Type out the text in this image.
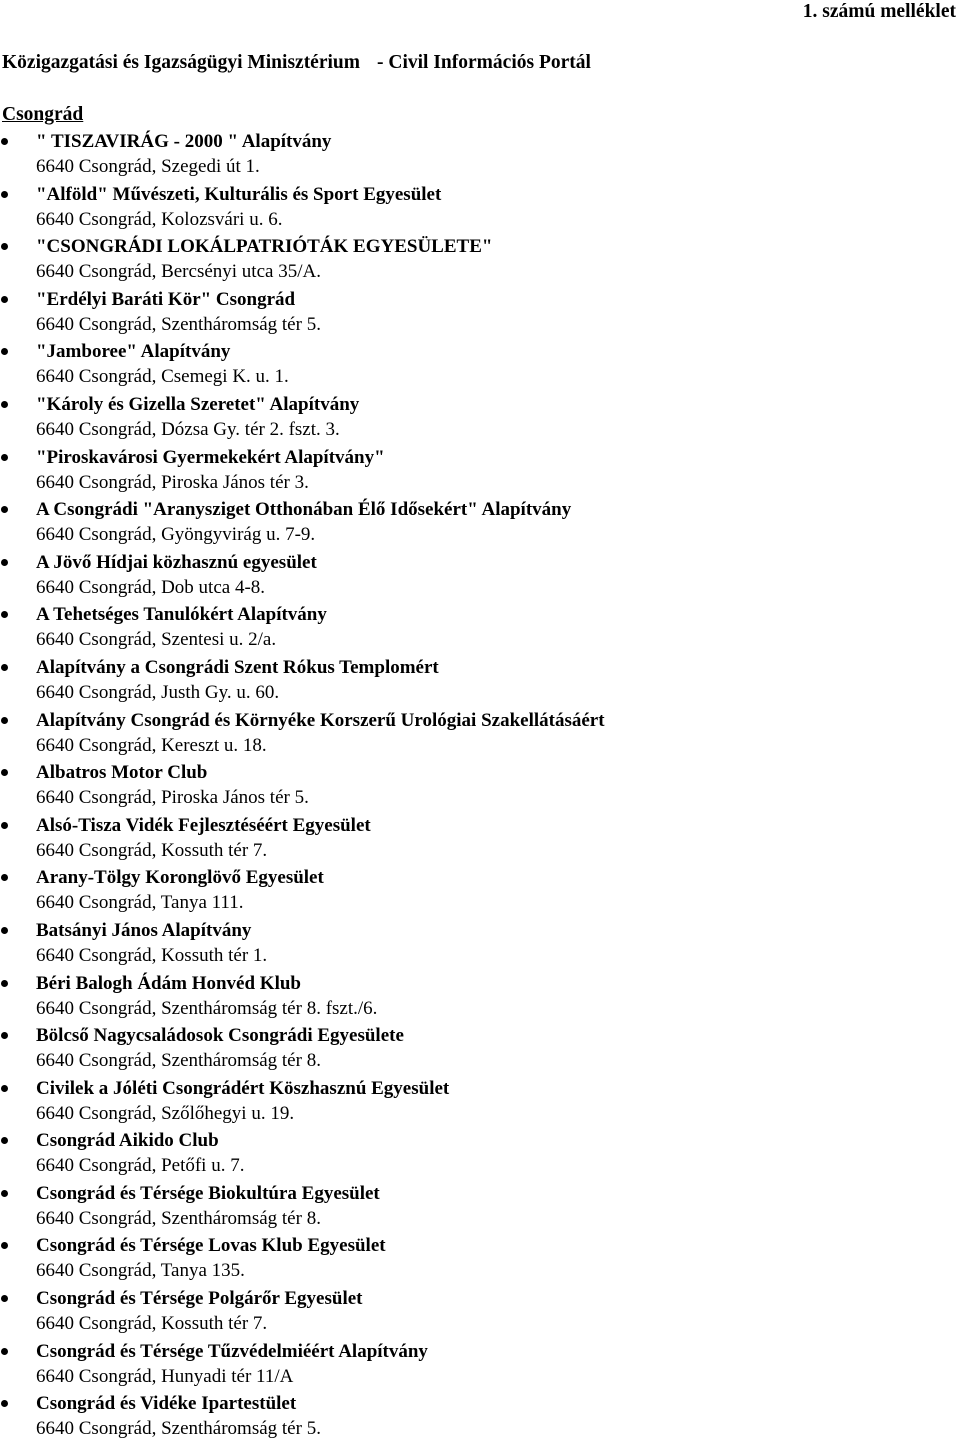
1. számú melléklet
Közigazgatási és Igazságügyi Minisztérium - Civil Információs Portál
Csongrád
" TISZAVIRÁG - 2000 " Alapítvány
6640 Csongrád, Szegedi út 1.
"Alföld" Művészeti, Kulturális és Sport Egyesület
6640 Csongrád, Kolozsvári u. 6.
"CSONGRÁDI LOKÁLPATRIÓTÁK EGYESÜLETE"
6640 Csongrád, Bercsényi utca 35/A.
"Erdélyi Baráti Kör" Csongrád
6640 Csongrád, Szentháromság tér 5.
"Jamboree" Alapítvány
6640 Csongrád, Csemegi K. u. 1.
"Károly és Gizella Szeretet" Alapítvány
6640 Csongrád, Dózsa Gy. tér 2. fszt. 3.
"Piroskavárosi Gyermekekért Alapítvány"
6640 Csongrád, Piroska János tér 3.
A Csongrádi "Aranysziget Otthonában Élő Idősekért" Alapítvány
6640 Csongrád, Gyöngyvirág u. 7-9.
A Jövő Hídjai közhasznú egyesület
6640 Csongrád, Dob utca 4-8.
A Tehetséges Tanulókért Alapítvány
6640 Csongrád, Szentesi u. 2/a.
Alapítvány a Csongrádi Szent Rókus Templomért
6640 Csongrád, Justh Gy. u. 60.
Alapítvány Csongrád és Környéke Korszerű Urológiai Szakellátásáért
6640 Csongrád, Kereszt u. 18.
Albatros Motor Club
6640 Csongrád, Piroska János tér 5.
Alsó-Tisza Vidék Fejlesztéséért Egyesület
6640 Csongrád, Kossuth tér 7.
Arany-Tölgy Koronglövő Egyesület
6640 Csongrád, Tanya 111.
Batsányi János Alapítvány
6640 Csongrád, Kossuth tér 1.
Béri Balogh Ádám Honvéd Klub
6640 Csongrád, Szentháromság tér 8. fszt./6.
Bölcső Nagycsaládosok Csongrádi Egyesülete
6640 Csongrád, Szentháromság tér 8.
Civilek a Jóléti Csongrádért Köszhasznú Egyesület
6640 Csongrád, Szőlőhegyi u. 19.
Csongrád Aikido Club
6640 Csongrád, Petőfi u. 7.
Csongrád és Térsége Biokultúra Egyesület
6640 Csongrád, Szentháromság tér 8.
Csongrád és Térsége Lovas Klub Egyesület
6640 Csongrád, Tanya 135.
Csongrád és Térsége Polgárőr Egyesület
6640 Csongrád, Kossuth tér 7.
Csongrád és Térsége Tűzvédelmiéért Alapítvány
6640 Csongrád, Hunyadi tér 11/A
Csongrád és Vidéke Ipartestület
6640 Csongrád, Szentháromság tér 5.
